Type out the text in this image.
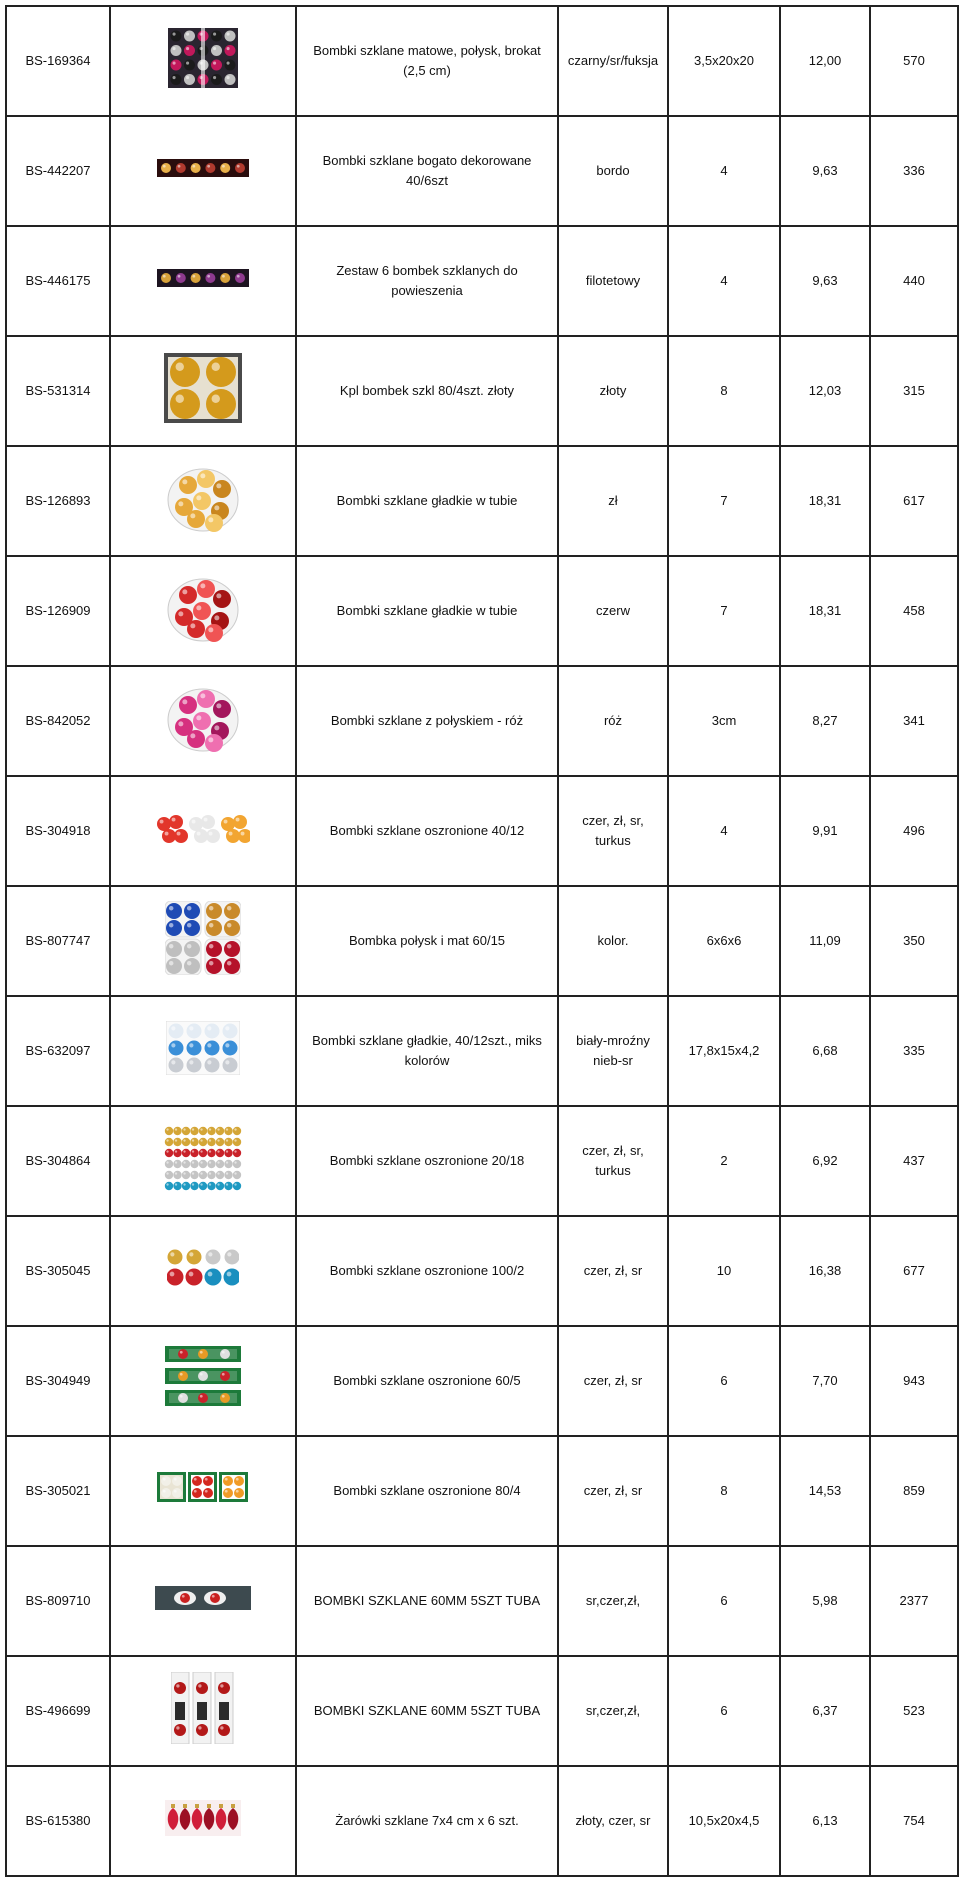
BS-169364		Bombki szklane matowe, połysk, brokat (2,5 cm)	czarny/sr/fuksja	3,5x20x20	12,00	570
BS-442207		Bombki szklane bogato dekorowane 40/6szt	bordo	4	9,63	336
BS-446175		Zestaw 6 bombek szklanych do powieszenia	filotetowy	4	9,63	440
BS-531314		Kpl bombek szkl 80/4szt. złoty	złoty	8	12,03	315
BS-126893		Bombki szklane gładkie w tubie	zł	7	18,31	617
BS-126909		Bombki szklane gładkie w tubie	czerw	7	18,31	458
BS-842052		Bombki szklane z połyskiem - róż	róż	3cm	8,27	341
BS-304918		Bombki szklane oszronione 40/12	czer, zł, sr, turkus	4	9,91	496
BS-807747		Bombka połysk i mat 60/15	kolor.	6x6x6	11,09	350
BS-632097		Bombki szklane gładkie, 40/12szt., miks kolorów	biały-mroźny nieb-sr	17,8x15x4,2	6,68	335
BS-304864		Bombki szklane oszronione 20/18	czer, zł, sr, turkus	2	6,92	437
BS-305045		Bombki szklane oszronione 100/2	czer, zł, sr	10	16,38	677
BS-304949		Bombki szklane oszronione 60/5	czer, zł, sr	6	7,70	943
BS-305021		Bombki szklane oszronione 80/4	czer, zł, sr	8	14,53	859
BS-809710		BOMBKI SZKLANE 60MM 5SZT TUBA	sr,czer,zł,	6	5,98	2377
BS-496699		BOMBKI SZKLANE 60MM 5SZT TUBA	sr,czer,zł,	6	6,37	523
BS-615380		Żarówki szklane 7x4 cm x 6 szt.	złoty, czer, sr	10,5x20x4,5	6,13	754
